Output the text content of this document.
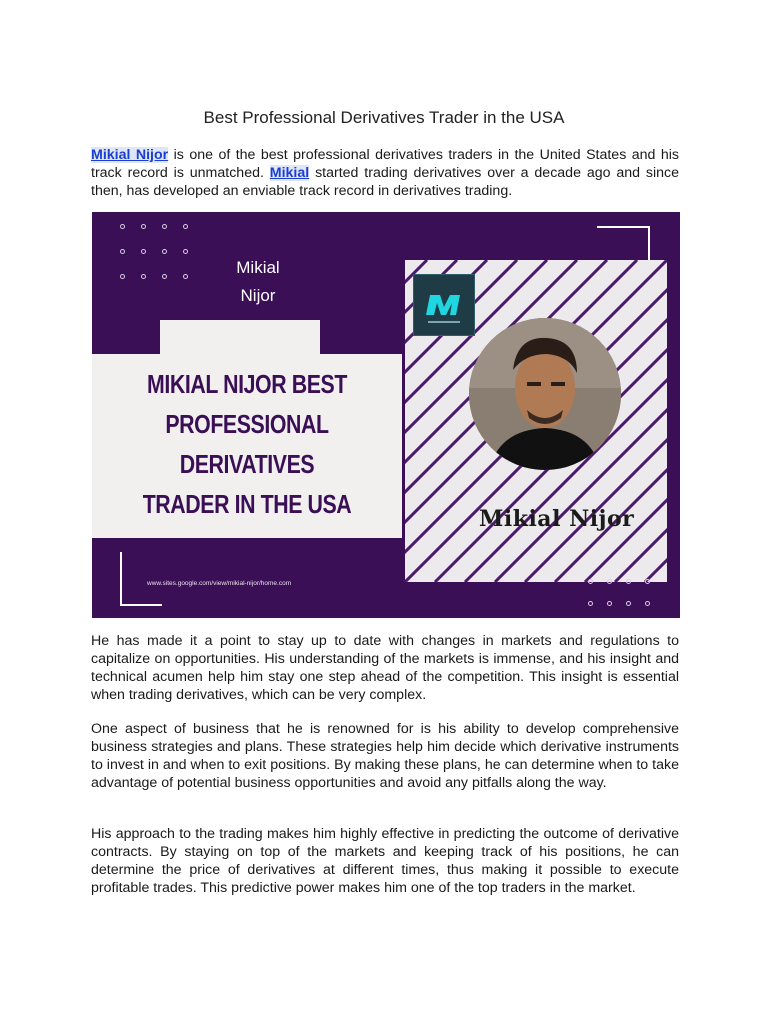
Best Professional Derivatives Trader in the USA

Mikial Nijor is one of the best professional derivatives traders in the United States and his track record is unmatched. Mikial started trading derivatives over a decade ago and since then, has developed an enviable track record in derivatives trading.

Mikial
Nijor
MIKIAL NIJOR BEST
PROFESSIONAL DERIVATIVES
TRADER IN THE USA	Mikial Nijor
www.sites.google.com/view/mikial-nijor/home.com

He has made it a point to stay up to date with changes in markets and regulations to capitalize on opportunities. His understanding of the markets is immense, and his insight and technical acumen help him stay one step ahead of the competition. This insight is essential when trading derivatives, which can be very complex.

One aspect of business that he is renowned for is his ability to develop comprehensive business strategies and plans. These strategies help him decide which derivative instruments to invest in and when to exit positions. By making these plans, he can determine when to take advantage of potential business opportunities and avoid any pitfalls along the way.

His approach to the trading makes him highly effective in predicting the outcome of derivative contracts. By staying on top of the markets and keeping track of his positions, he can determine the price of derivatives at different times, thus making it possible to execute profitable trades. This predictive power makes him one of the top traders in the market.
